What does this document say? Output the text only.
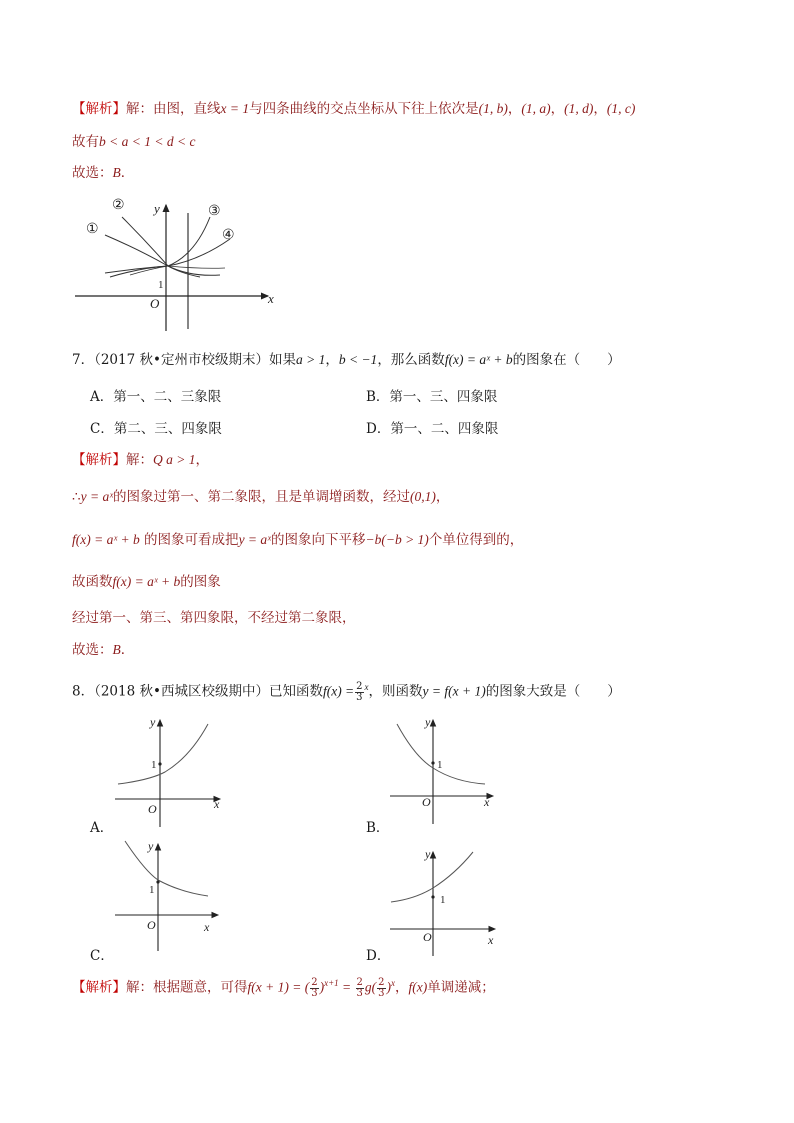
【解析】解：由图，直线x = 1与四条曲线的交点坐标从下往上依次是(1, b)，(1, a)，(1, d)，(1, c)
故有b < a < 1 < d < c
故选：B．
①
②	③
④
y
x
O
1
7．（2017 秋•定州市校级期末）如果a > 1，b < −1，那么函数f(x) = aˣ + b的图象在（　　）
A．第一、二、三象限	B．第一、三、四象限
C．第二、三、四象限	D．第一、二、四象限
【解析】解：Q a > 1，
∴y = aˣ的图象过第一、第二象限，且是单调增函数，经过(0,1)，
f(x) = aˣ + b 的图象可看成把y = aˣ的图象向下平移−b(−b > 1)个单位得到的，
故函数f(x) = aˣ + b的图象
经过第一、第三、第四象限，不经过第二象限，
故选：B．
8．（2018 秋•西城区校级期中）已知函数$f(x) = \frac{2}{3} ^x$，则函数y = f(x + 1)的图象大致是（　　）
y
x
O
1
A．
y
x
O
1
B．
y
x
O
1
C．
y
x
O
1
D．
【解析】解：根据题意，可得f(x + 1) = ( $\frac{2}{3} )^{x+1} = \frac{2}{3} g( \frac{2}{3} )^x$，f(x)单调递减；
